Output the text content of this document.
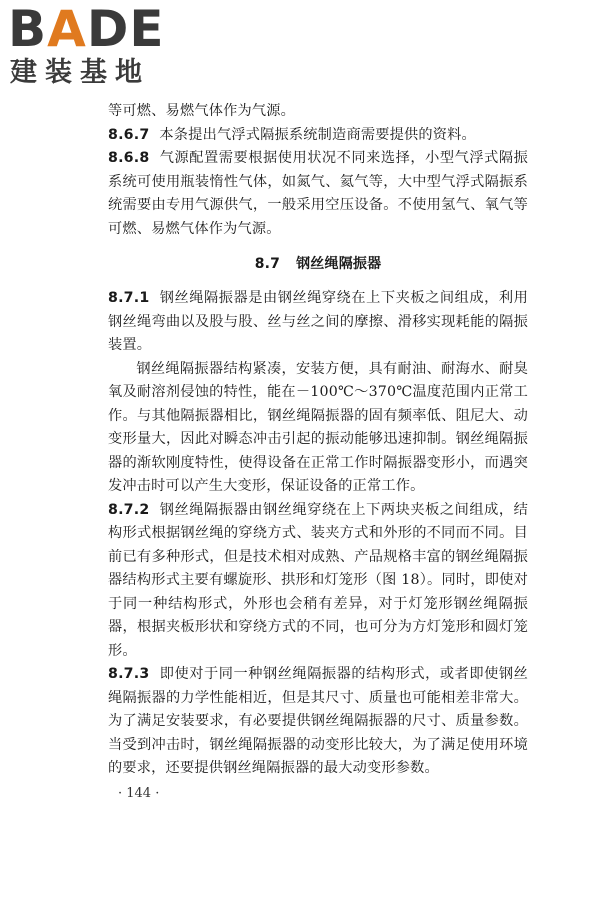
BADE
建装基地

等可燃、易燃气体作为气源。

8.6.7 本条提出气浮式隔振系统制造商需要提供的资料。

8.6.8 气源配置需要根据使用状况不同来选择，小型气浮式隔振系统可使用瓶装惰性气体，如氮气、氦气等，大中型气浮式隔振系统需要由专用气源供气，一般采用空压设备。不使用氢气、氧气等可燃、易燃气体作为气源。

8.7 钢丝绳隔振器

8.7.1 钢丝绳隔振器是由钢丝绳穿绕在上下夹板之间组成，利用钢丝绳弯曲以及股与股、丝与丝之间的摩擦、滑移实现耗能的隔振装置。

钢丝绳隔振器结构紧凑，安装方便，具有耐油、耐海水、耐臭氧及耐溶剂侵蚀的特性，能在－100℃～370℃温度范围内正常工作。与其他隔振器相比，钢丝绳隔振器的固有频率低、阻尼大、动变形量大，因此对瞬态冲击引起的振动能够迅速抑制。钢丝绳隔振器的渐软刚度特性，使得设备在正常工作时隔振器变形小，而遇突发冲击时可以产生大变形，保证设备的正常工作。

8.7.2 钢丝绳隔振器由钢丝绳穿绕在上下两块夹板之间组成，结构形式根据钢丝绳的穿绕方式、装夹方式和外形的不同而不同。目前已有多种形式，但是技术相对成熟、产品规格丰富的钢丝绳隔振器结构形式主要有螺旋形、拱形和灯笼形（图 18）。同时，即使对于同一种结构形式，外形也会稍有差异，对于灯笼形钢丝绳隔振器，根据夹板形状和穿绕方式的不同，也可分为方灯笼形和圆灯笼形。

8.7.3 即使对于同一种钢丝绳隔振器的结构形式，或者即使钢丝绳隔振器的力学性能相近，但是其尺寸、质量也可能相差非常大。为了满足安装要求，有必要提供钢丝绳隔振器的尺寸、质量参数。当受到冲击时，钢丝绳隔振器的动变形比较大，为了满足使用环境的要求，还要提供钢丝绳隔振器的最大动变形参数。

· 144 ·
